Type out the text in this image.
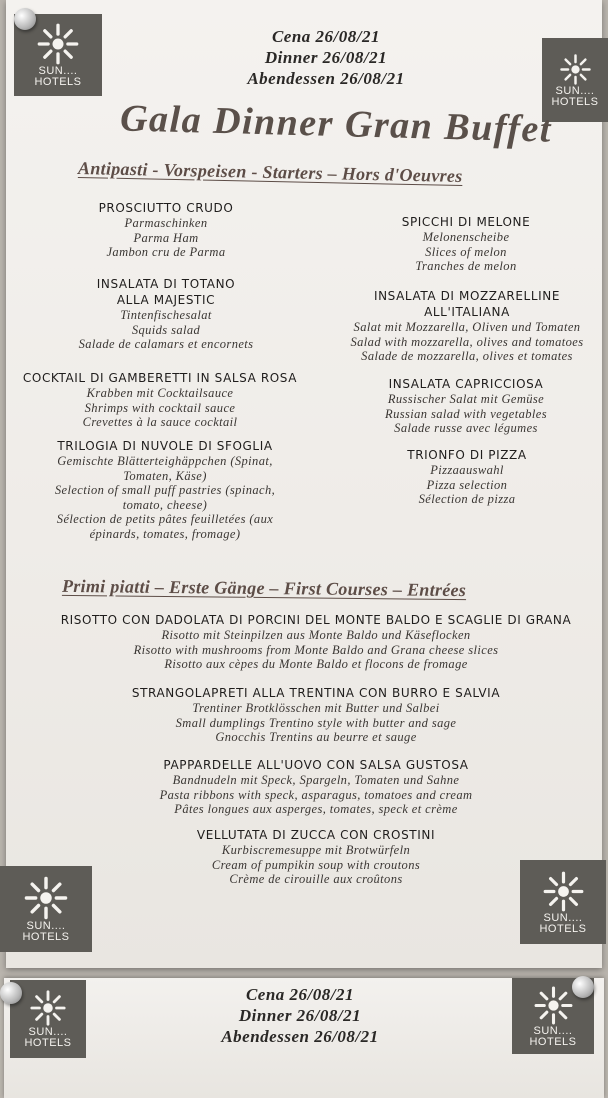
SUN....
HOTELS
SUN....
HOTELS
SUN....
HOTELS
SUN....
HOTELS
Cena 26/08/21
Dinner 26/08/21
Abendessen 26/08/21
Gala Dinner Gran Buffet
Antipasti - Vorspeisen - Starters – Hors d'Oeuvres
PROSCIUTTO CRUDO
Parmaschinken
Parma Ham
Jambon cru de Parma
INSALATA DI TOTANO
ALLA MAJESTIC
Tintenfischesalat
Squids salad
Salade de calamars et encornets
COCKTAIL DI GAMBERETTI IN SALSA ROSA
Krabben mit Cocktailsauce
Shrimps with cocktail sauce
Crevettes à la sauce cocktail
TRILOGIA DI NUVOLE DI SFOGLIA
Gemischte Blätterteighäppchen (Spinat,
Tomaten, Käse)
Selection of small puff pastries (spinach,
tomato, cheese)
Sélection de petits pâtes feuilletées (aux
épinards, tomates, fromage)
SPICCHI DI MELONE
Melonenscheibe
Slices of melon
Tranches de melon
INSALATA DI MOZZARELLINE
ALL'ITALIANA
Salat mit Mozzarella, Oliven und Tomaten
Salad with mozzarella, olives and tomatoes
Salade de mozzarella, olives et tomates
INSALATA CAPRICCIOSA
Russischer Salat mit Gemüse
Russian salad with vegetables
Salade russe avec légumes
TRIONFO DI PIZZA
Pizzaauswahl
Pizza selection
Sélection de pizza
Primi piatti – Erste Gänge – First Courses – Entrées
RISOTTO CON DADOLATA DI PORCINI DEL MONTE BALDO E SCAGLIE DI GRANA
Risotto mit Steinpilzen aus Monte Baldo und Käseflocken
Risotto with mushrooms from Monte Baldo and Grana cheese slices
Risotto aux cèpes du Monte Baldo et flocons de fromage
STRANGOLAPRETI ALLA TRENTINA CON BURRO E SALVIA
Trentiner Brotklösschen mit Butter und Salbei
Small dumplings Trentino style with butter and sage
Gnocchis Trentins au beurre et sauge
PAPPARDELLE ALL'UOVO CON SALSA GUSTOSA
Bandnudeln mit Speck, Spargeln, Tomaten und Sahne
Pasta ribbons with speck, asparagus, tomatoes and cream
Pâtes longues aux asperges, tomates, speck et crème
VELLUTATA DI ZUCCA CON CROSTINI
Kurbiscremesuppe mit Brotwürfeln
Cream of pumpikin soup with croutons
Crème de cirouille aux croûtons
SUN....
HOTELS
SUN....
HOTELS
Cena 26/08/21
Dinner 26/08/21
Abendessen 26/08/21
